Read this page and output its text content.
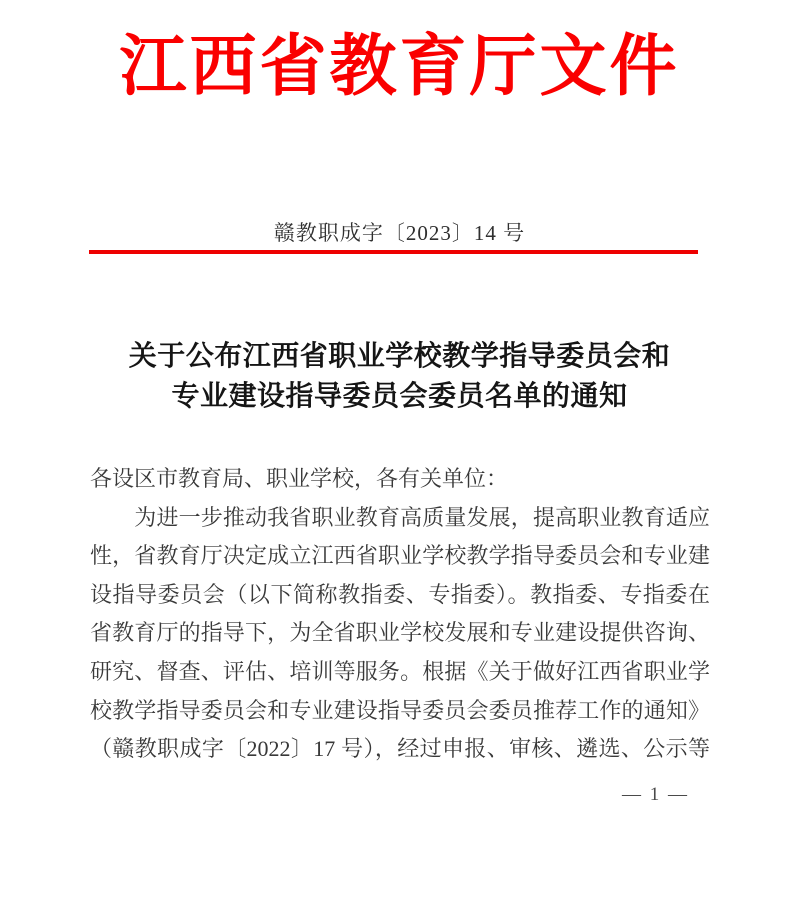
江西省教育厅文件
赣教职成字〔2023〕14 号
关于公布江西省职业学校教学指导委员会和
专业建设指导委员会委员名单的通知
各设区市教育局、职业学校，各有关单位：
　　为进一步推动我省职业教育高质量发展，提高职业教育适应
性，省教育厅决定成立江西省职业学校教学指导委员会和专业建
设指导委员会（以下简称教指委、专指委）。教指委、专指委在
省教育厅的指导下，为全省职业学校发展和专业建设提供咨询、
研究、督查、评估、培训等服务。根据《关于做好江西省职业学
校教学指导委员会和专业建设指导委员会委员推荐工作的通知》
（赣教职成字〔2022〕17 号），经过申报、审核、遴选、公示等
— 1 —
